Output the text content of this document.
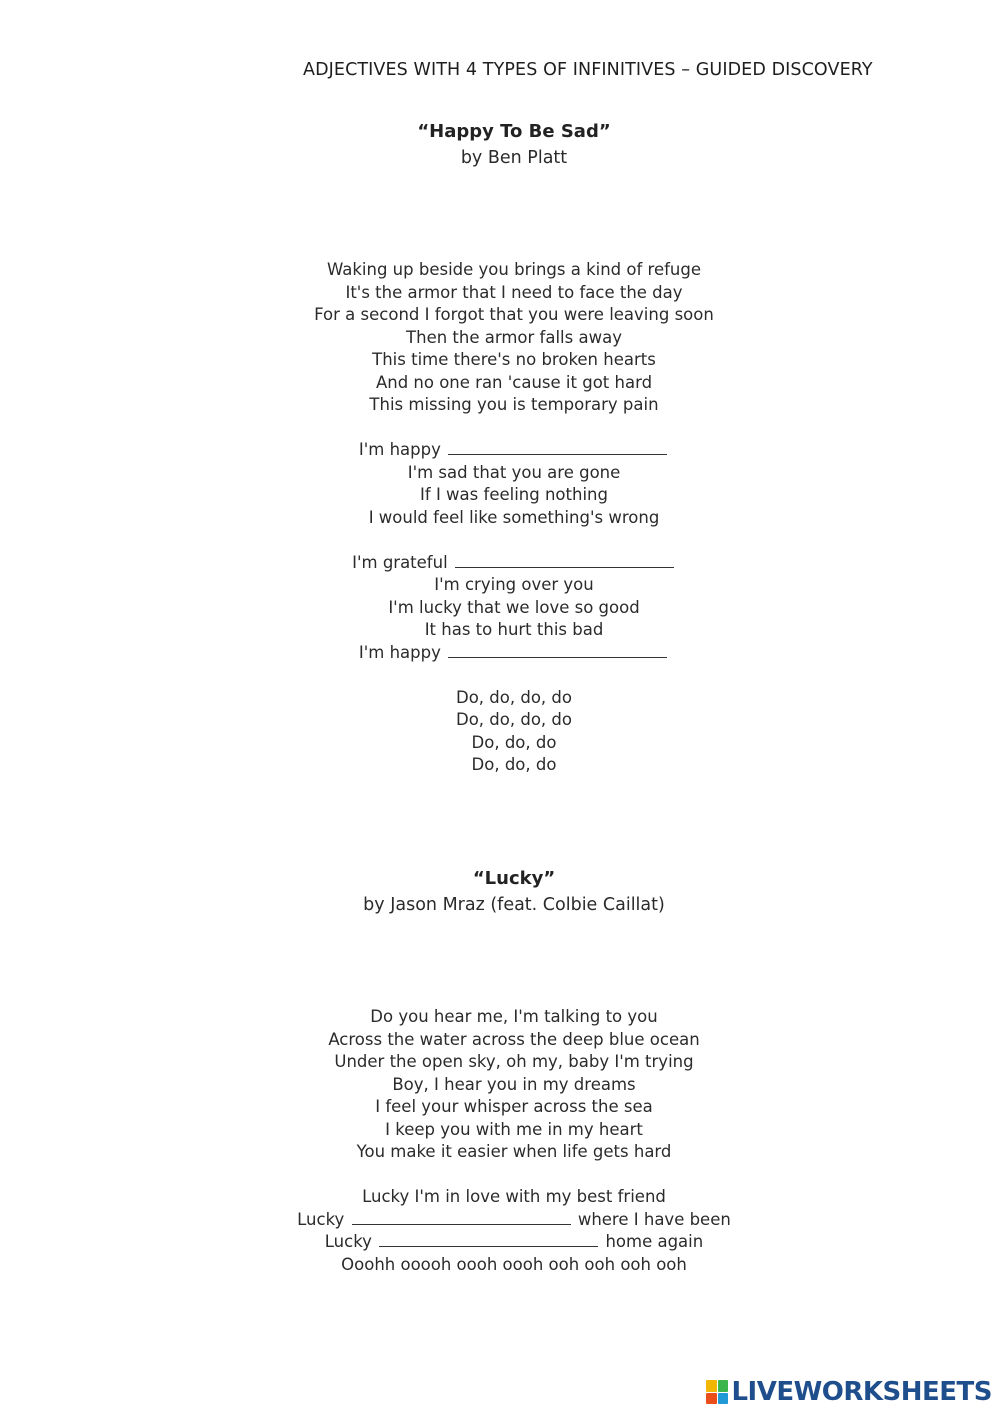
ADJECTIVES WITH 4 TYPES OF INFINITIVES – GUIDED DISCOVERY
“Happy To Be Sad”
by Ben Platt
Waking up beside you brings a kind of refuge
It's the armor that I need to face the day
For a second I forgot that you were leaving soon
Then the armor falls away
This time there's no broken hearts
And no one ran 'cause it got hard
This missing you is temporary pain
I'm happy
I'm sad that you are gone
If I was feeling nothing
I would feel like something's wrong
I'm grateful
I'm crying over you
I'm lucky that we love so good
It has to hurt this bad
I'm happy
Do, do, do, do
Do, do, do, do
Do, do, do
Do, do, do
“Lucky”
by Jason Mraz (feat. Colbie Caillat)
Do you hear me, I'm talking to you
Across the water across the deep blue ocean
Under the open sky, oh my, baby I'm trying
Boy, I hear you in my dreams
I feel your whisper across the sea
I keep you with me in my heart
You make it easier when life gets hard
Lucky I'm in love with my best friend
Lucky	where I have been
Lucky	home again
Ooohh ooooh oooh oooh ooh ooh ooh ooh
LIVEWORKSHEETS
